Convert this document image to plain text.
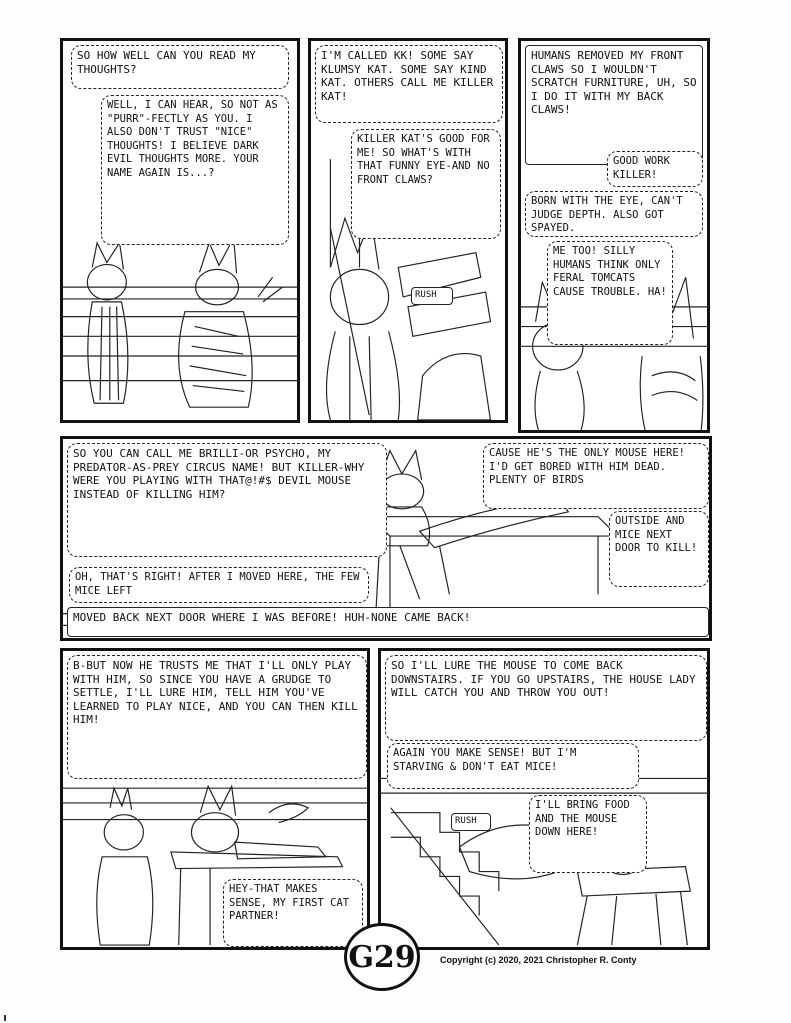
SO HOW WELL CAN YOU READ MY THOUGHTS?
WELL, I CAN HEAR, SO NOT AS "PURR"-FECTLY AS YOU. I ALSO DON'T TRUST "NICE" THOUGHTS! I BELIEVE DARK EVIL THOUGHTS MORE. YOUR NAME AGAIN IS...?
I'M CALLED KK! SOME SAY KLUMSY KAT. SOME SAY KIND KAT. OTHERS CALL ME KILLER KAT!
KILLER KAT'S GOOD FOR ME! SO WHAT'S WITH THAT FUNNY EYE-AND NO FRONT CLAWS?
RUSH
HUMANS REMOVED MY FRONT CLAWS SO I WOULDN'T SCRATCH FURNITURE, UH, SO I DO IT WITH MY BACK CLAWS!
GOOD WORK KILLER!
BORN WITH THE EYE, CAN'T JUDGE DEPTH. ALSO GOT SPAYED.
ME TOO! SILLY HUMANS THINK ONLY FERAL TOMCATS CAUSE TROUBLE. HA!
SO YOU CAN CALL ME BRILLI-OR PSYCHO, MY PREDATOR-AS-PREY CIRCUS NAME! BUT KILLER-WHY WERE YOU PLAYING WITH THAT@!#$ DEVIL MOUSE INSTEAD OF KILLING HIM?
CAUSE HE'S THE ONLY MOUSE HERE! I'D GET BORED WITH HIM DEAD. PLENTY OF BIRDS
OUTSIDE AND MICE NEXT DOOR TO KILL!
OH, THAT'S RIGHT! AFTER I MOVED HERE, THE FEW MICE LEFT
MOVED BACK NEXT DOOR WHERE I WAS BEFORE! HUH-NONE CAME BACK!
B-BUT NOW HE TRUSTS ME THAT I'LL ONLY PLAY WITH HIM, SO SINCE YOU HAVE A GRUDGE TO SETTLE, I'LL LURE HIM, TELL HIM YOU'VE LEARNED TO PLAY NICE, AND YOU CAN THEN KILL HIM!
HEY-THAT MAKES SENSE, MY FIRST CAT PARTNER!
SO I'LL LURE THE MOUSE TO COME BACK DOWNSTAIRS. IF YOU GO UPSTAIRS, THE HOUSE LADY WILL CATCH YOU AND THROW YOU OUT!
AGAIN YOU MAKE SENSE! BUT I'M STARVING & DON'T EAT MICE!
I'LL BRING FOOD AND THE MOUSE DOWN HERE!
RUSH
G29	Copyright (c) 2020, 2021 Christopher R. Conty
